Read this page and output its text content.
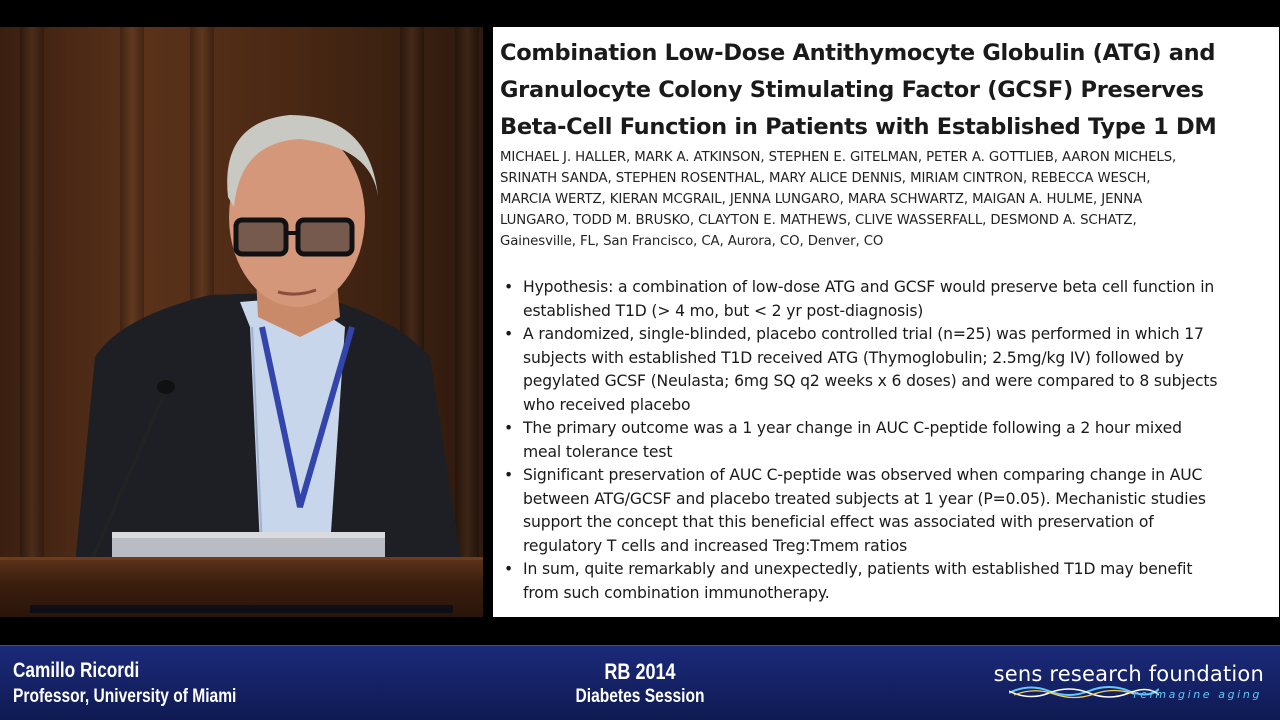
Combination Low-Dose Antithymocyte Globulin (ATG) and
Granulocyte Colony Stimulating Factor (GCSF) Preserves
Beta-Cell Function in Patients with Established Type 1 DM
MICHAEL J. HALLER, MARK A. ATKINSON, STEPHEN E. GITELMAN, PETER A. GOTTLIEB, AARON MICHELS,
SRINATH SANDA, STEPHEN ROSENTHAL, MARY ALICE DENNIS, MIRIAM CINTRON, REBECCA WESCH,
MARCIA WERTZ, KIERAN MCGRAIL, JENNA LUNGARO, MARA SCHWARTZ, MAIGAN A. HULME, JENNA
LUNGARO, TODD M. BRUSKO, CLAYTON E. MATHEWS, CLIVE WASSERFALL, DESMOND A. SCHATZ,
Gainesville, FL, San Francisco, CA, Aurora, CO, Denver, CO
• Hypothesis: a combination of low-dose ATG and GCSF would preserve beta cell function in
established T1D (> 4 mo, but < 2 yr post-diagnosis)
• A randomized, single-blinded, placebo controlled trial (n=25) was performed in which 17
subjects with established T1D received ATG (Thymoglobulin; 2.5mg/kg IV) followed by
pegylated GCSF (Neulasta; 6mg SQ q2 weeks x 6 doses) and were compared to 8 subjects
who received placebo
• The primary outcome was a 1 year change in AUC C-peptide following a 2 hour mixed
meal tolerance test
• Significant preservation of AUC C-peptide was observed when comparing change in AUC
between ATG/GCSF and placebo treated subjects at 1 year (P=0.05). Mechanistic studies
support the concept that this beneficial effect was associated with preservation of
regulatory T cells and increased Treg:Tmem ratios
• In sum, quite remarkably and unexpectedly, patients with established T1D may benefit
from such combination immunotherapy.
Camillo Ricordi
Professor, University of Miami
RB 2014
Diabetes Session
sens research foundation
reimagine aging
